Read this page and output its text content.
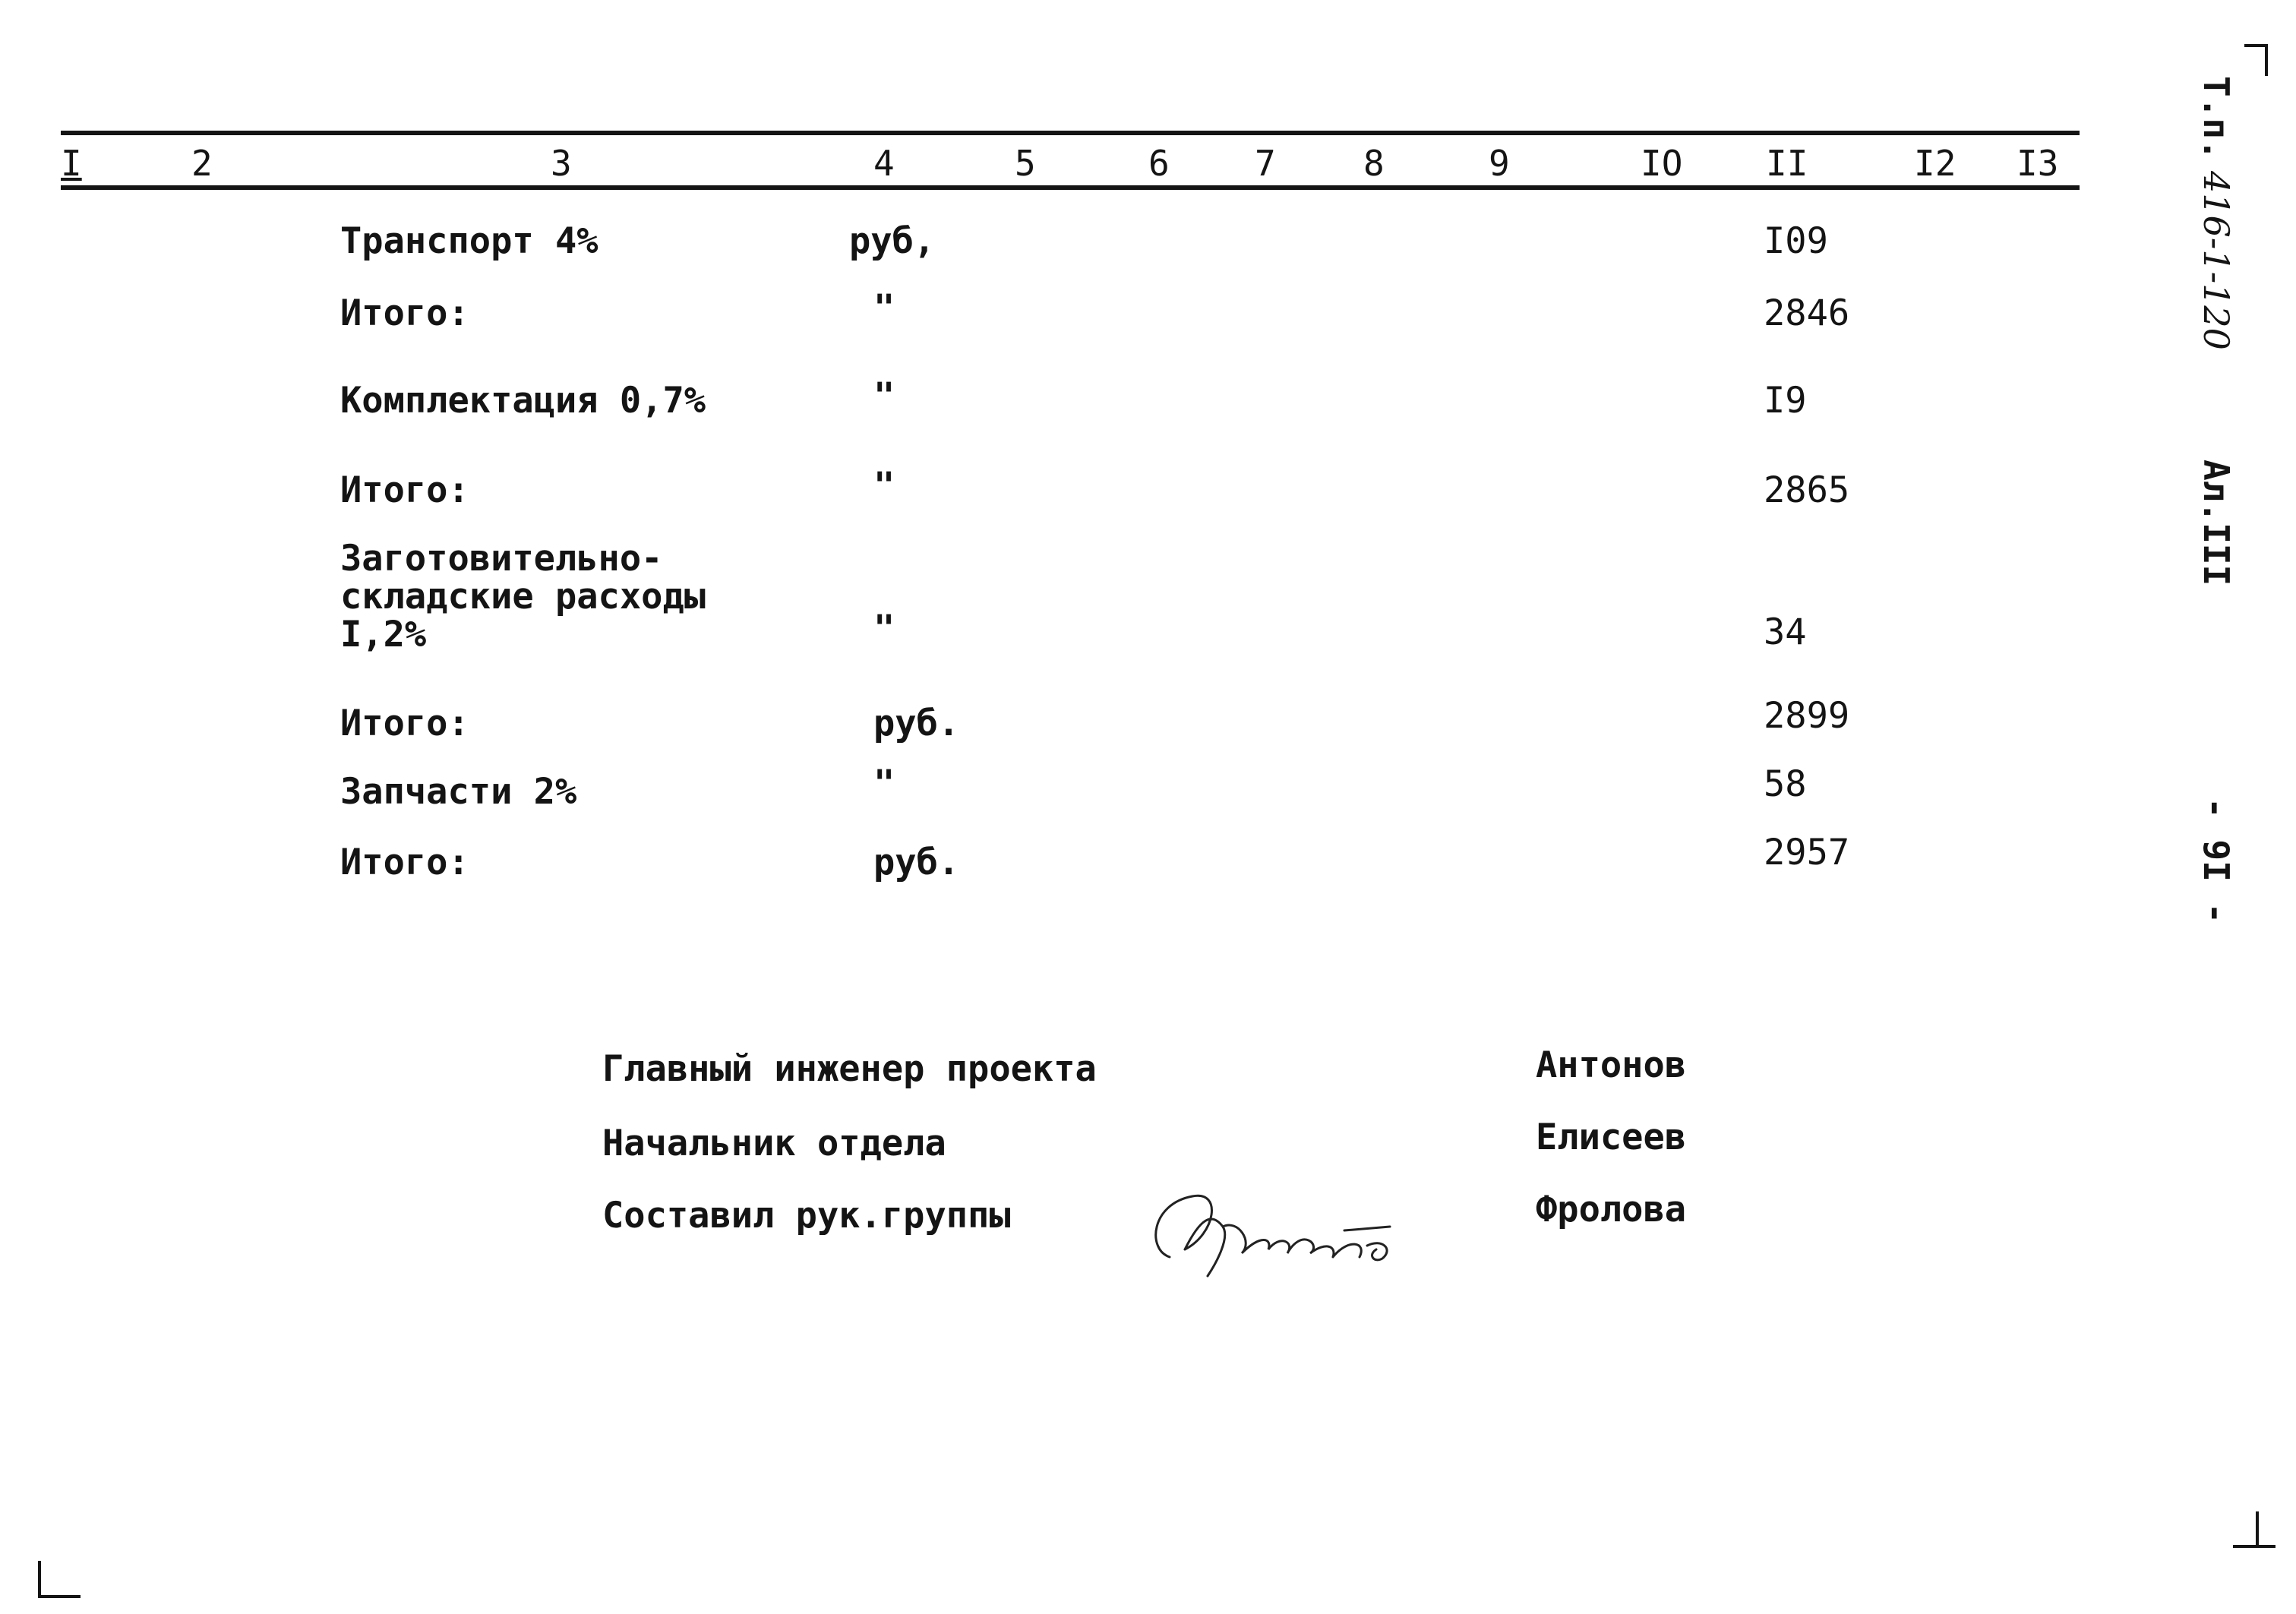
I	2	3	4	5	6 7	8	9	IO II	I2 I3
Транспорт 4%	руб,	I09
Итого:	"	2846
Комплектация 0,7%	"	I9
Итого:	"	2865
Заготовительно-
складские расходы
I,2%	"	34
Итого:	руб.	2899
Запчасти 2%	"	58
Итого:	руб.	2957
Главный инженер проекта	Антонов
Начальник отдела	Елисеев
Составил рук.группы	Фролова
Т.п.
416-1-120
Ал.III
- 9I -
